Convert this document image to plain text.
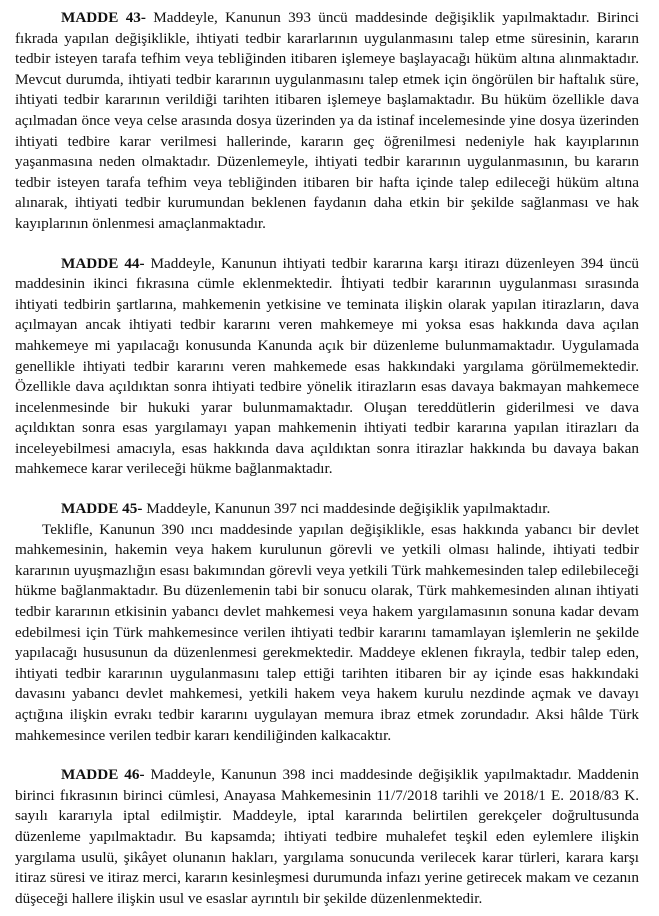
MADDE 43- Maddeyle, Kanunun 393 üncü maddesinde değişiklik yapılmaktadır. Birinci fıkrada yapılan değişiklikle, ihtiyati tedbir kararlarının uygulanmasını talep etme süresinin, kararın tedbir isteyen tarafa tefhim veya tebliğinden itibaren işlemeye başlayacağı hüküm altına alınmaktadır. Mevcut durumda, ihtiyati tedbir kararının uygulanmasını talep etmek için öngörülen bir haftalık süre, ihtiyati tedbir kararının verildiği tarihten itibaren işlemeye başlamaktadır. Bu hüküm özellikle dava açılmadan önce veya celse arasında dosya üzerinden ya da istinaf incelemesinde yine dosya üzerinden ihtiyati tedbire karar verilmesi hallerinde, kararın geç öğrenilmesi nedeniyle hak kayıplarının yaşanmasına neden olmaktadır. Düzenlemeyle, ihtiyati tedbir kararının uygulanmasının, bu kararın tedbir isteyen tarafa tefhim veya tebliğinden itibaren bir hafta içinde talep edileceği hüküm altına alınarak, ihtiyati tedbir kurumundan beklenen faydanın daha etkin bir şekilde sağlanması ve hak kayıplarının önlenmesi amaçlanmaktadır.

MADDE 44- Maddeyle, Kanunun ihtiyati tedbir kararına karşı itirazı düzenleyen 394 üncü maddesinin ikinci fıkrasına cümle eklenmektedir. İhtiyati tedbir kararının uygulanması sırasında ihtiyati tedbirin şartlarına, mahkemenin yetkisine ve teminata ilişkin olarak yapılan itirazların, dava açılmayan ancak ihtiyati tedbir kararını veren mahkemeye mi yoksa esas hakkında dava açılan mahkemeye mi yapılacağı konusunda Kanunda açık bir düzenleme bulunmamaktadır. Uygulamada genellikle ihtiyati tedbir kararını veren mahkemede esas hakkındaki yargılama görülmemektedir. Özellikle dava açıldıktan sonra ihtiyati tedbire yönelik itirazların esas davaya bakmayan mahkemece incelenmesinde bir hukuki yarar bulunmamaktadır. Oluşan tereddütlerin giderilmesi ve dava açıldıktan sonra esas yargılamayı yapan mahkemenin ihtiyati tedbir kararına yapılan itirazları da inceleyebilmesi amacıyla, esas hakkında dava açıldıktan sonra itirazlar hakkında bu davaya bakan mahkemece karar verileceği hükme bağlanmaktadır.

MADDE 45- Maddeyle, Kanunun 397 nci maddesinde değişiklik yapılmaktadır.

Teklifle, Kanunun 390 ıncı maddesinde yapılan değişiklikle, esas hakkında yabancı bir devlet mahkemesinin, hakemin veya hakem kurulunun görevli ve yetkili olması halinde, ihtiyati tedbir kararının uyuşmazlığın esası bakımından görevli veya yetkili Türk mahkemesinden talep edilebileceği hükme bağlanmaktadır. Bu düzenlemenin tabi bir sonucu olarak, Türk mahkemesinden alınan ihtiyati tedbir kararının etkisinin yabancı devlet mahkemesi veya hakem yargılamasının sonuna kadar devam edebilmesi için Türk mahkemesince verilen ihtiyati tedbir kararını tamamlayan işlemlerin ne şekilde yapılacağı hususunun da düzenlenmesi gerekmektedir. Maddeye eklenen fıkrayla, tedbir talep eden, ihtiyati tedbir kararının uygulanmasını talep ettiği tarihten itibaren bir ay içinde esas hakkındaki davasını yabancı devlet mahkemesi, yetkili hakem veya hakem kurulu nezdinde açmak ve davayı açtığına ilişkin evrakı tedbir kararını uygulayan memura ibraz etmek zorundadır. Aksi hâlde Türk mahkemesince verilen tedbir kararı kendiliğinden kalkacaktır.

MADDE 46- Maddeyle, Kanunun 398 inci maddesinde değişiklik yapılmaktadır. Maddenin birinci fıkrasının birinci cümlesi, Anayasa Mahkemesinin 11/7/2018 tarihli ve 2018/1 E. 2018/83 K. sayılı kararıyla iptal edilmiştir. Maddeyle, iptal kararında belirtilen gerekçeler doğrultusunda düzenleme yapılmaktadır. Bu kapsamda; ihtiyati tedbire muhalefet teşkil eden eylemlere ilişkin yargılama usulü, şikâyet olunanın hakları, yargılama sonucunda verilecek karar türleri, karara karşı itiraz süresi ve itiraz merci, kararın kesinleşmesi durumunda infazı yerine getirecek makam ve cezanın düşeceği hallere ilişkin usul ve esaslar ayrıntılı bir şekilde düzenlenmektedir.
